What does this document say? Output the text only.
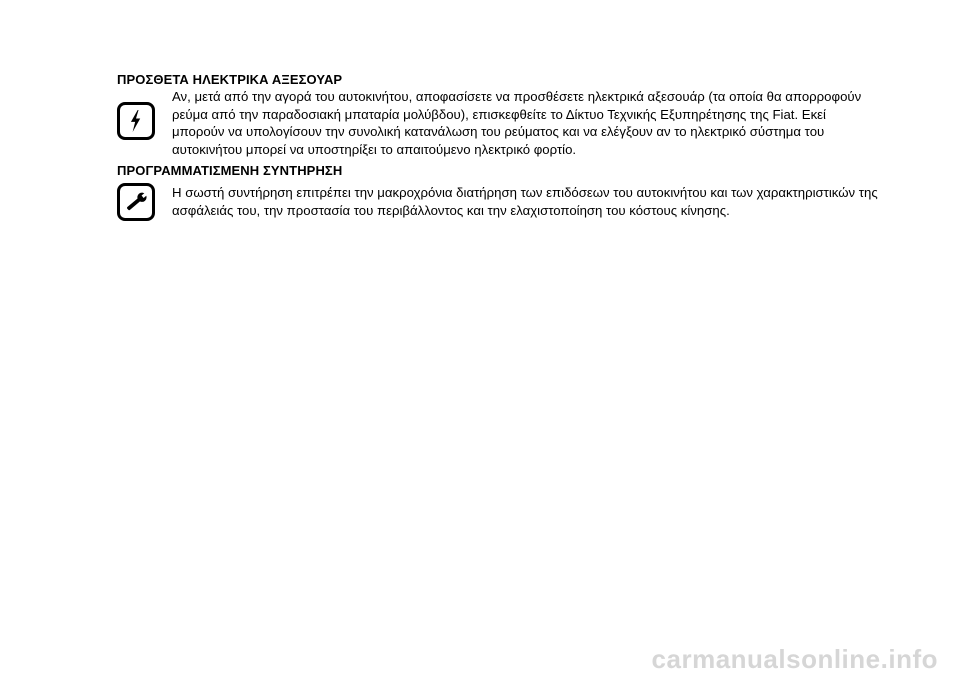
ΠΡΟΣΘΕΤΑ ΗΛΕΚΤΡΙΚΑ ΑΞΕΣΟΥΑΡ
Αν, μετά από την αγορά του αυτοκινήτου, αποφασίσετε να προσθέσετε ηλεκτρικά αξεσουάρ (τα οποία θα απορροφούν
ρεύμα από την παραδοσιακή μπαταρία μολύβδου), επισκεφθείτε το Δίκτυο Τεχνικής Εξυπηρέτησης της Fiat. Εκεί
μπορούν να υπολογίσουν την συνολική κατανάλωση του ρεύματος και να ελέγξουν αν το ηλεκτρικό σύστημα του
αυτοκινήτου μπορεί να υποστηρίξει το απαιτούμενο ηλεκτρικό φορτίο.
ΠΡΟΓΡΑΜΜΑΤΙΣΜΕΝΗ ΣΥΝΤΗΡΗΣΗ
Η σωστή συντήρηση επιτρέπει την μακροχρόνια διατήρηση των επιδόσεων του αυτοκινήτου και των χαρακτηριστικών της
ασφάλειάς του, την προστασία του περιβάλλοντος και την ελαχιστοποίηση του κόστους κίνησης.
carmanualsonline.info
